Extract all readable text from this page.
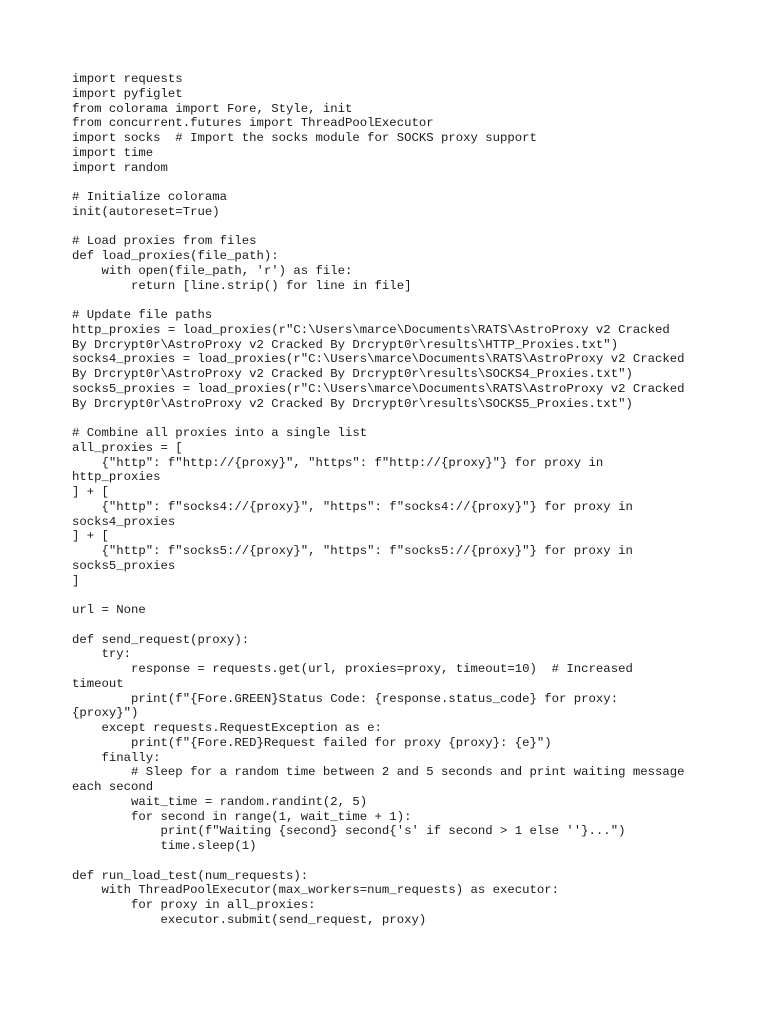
import requests
import pyfiglet
from colorama import Fore, Style, init
from concurrent.futures import ThreadPoolExecutor
import socks  # Import the socks module for SOCKS proxy support
import time
import random
# Initialize colorama
init(autoreset=True)
# Load proxies from files
def load_proxies(file_path):
with open(file_path, 'r') as file:
return [line.strip() for line in file]
# Update file paths
http_proxies = load_proxies(r"C:\Users\marce\Documents\RATS\AstroProxy v2 Cracked
By Drcrypt0r\AstroProxy v2 Cracked By Drcrypt0r\results\HTTP_Proxies.txt")
socks4_proxies = load_proxies(r"C:\Users\marce\Documents\RATS\AstroProxy v2 Cracked
By Drcrypt0r\AstroProxy v2 Cracked By Drcrypt0r\results\SOCKS4_Proxies.txt")
socks5_proxies = load_proxies(r"C:\Users\marce\Documents\RATS\AstroProxy v2 Cracked
By Drcrypt0r\AstroProxy v2 Cracked By Drcrypt0r\results\SOCKS5_Proxies.txt")
# Combine all proxies into a single list
all_proxies = [
{"http": f"http://{proxy}", "https": f"http://{proxy}"} for proxy in
http_proxies
] + [
{"http": f"socks4://{proxy}", "https": f"socks4://{proxy}"} for proxy in
socks4_proxies
] + [
{"http": f"socks5://{proxy}", "https": f"socks5://{proxy}"} for proxy in
socks5_proxies
]
url = None
def send_request(proxy):
try:
response = requests.get(url, proxies=proxy, timeout=10)  # Increased
timeout
print(f"{Fore.GREEN}Status Code: {response.status_code} for proxy:
{proxy}")
except requests.RequestException as e:
print(f"{Fore.RED}Request failed for proxy {proxy}: {e}")
finally:
# Sleep for a random time between 2 and 5 seconds and print waiting message
each second
wait_time = random.randint(2, 5)
for second in range(1, wait_time + 1):
print(f"Waiting {second} second{'s' if second > 1 else ''}...")
time.sleep(1)
def run_load_test(num_requests):
with ThreadPoolExecutor(max_workers=num_requests) as executor:
for proxy in all_proxies:
executor.submit(send_request, proxy)
